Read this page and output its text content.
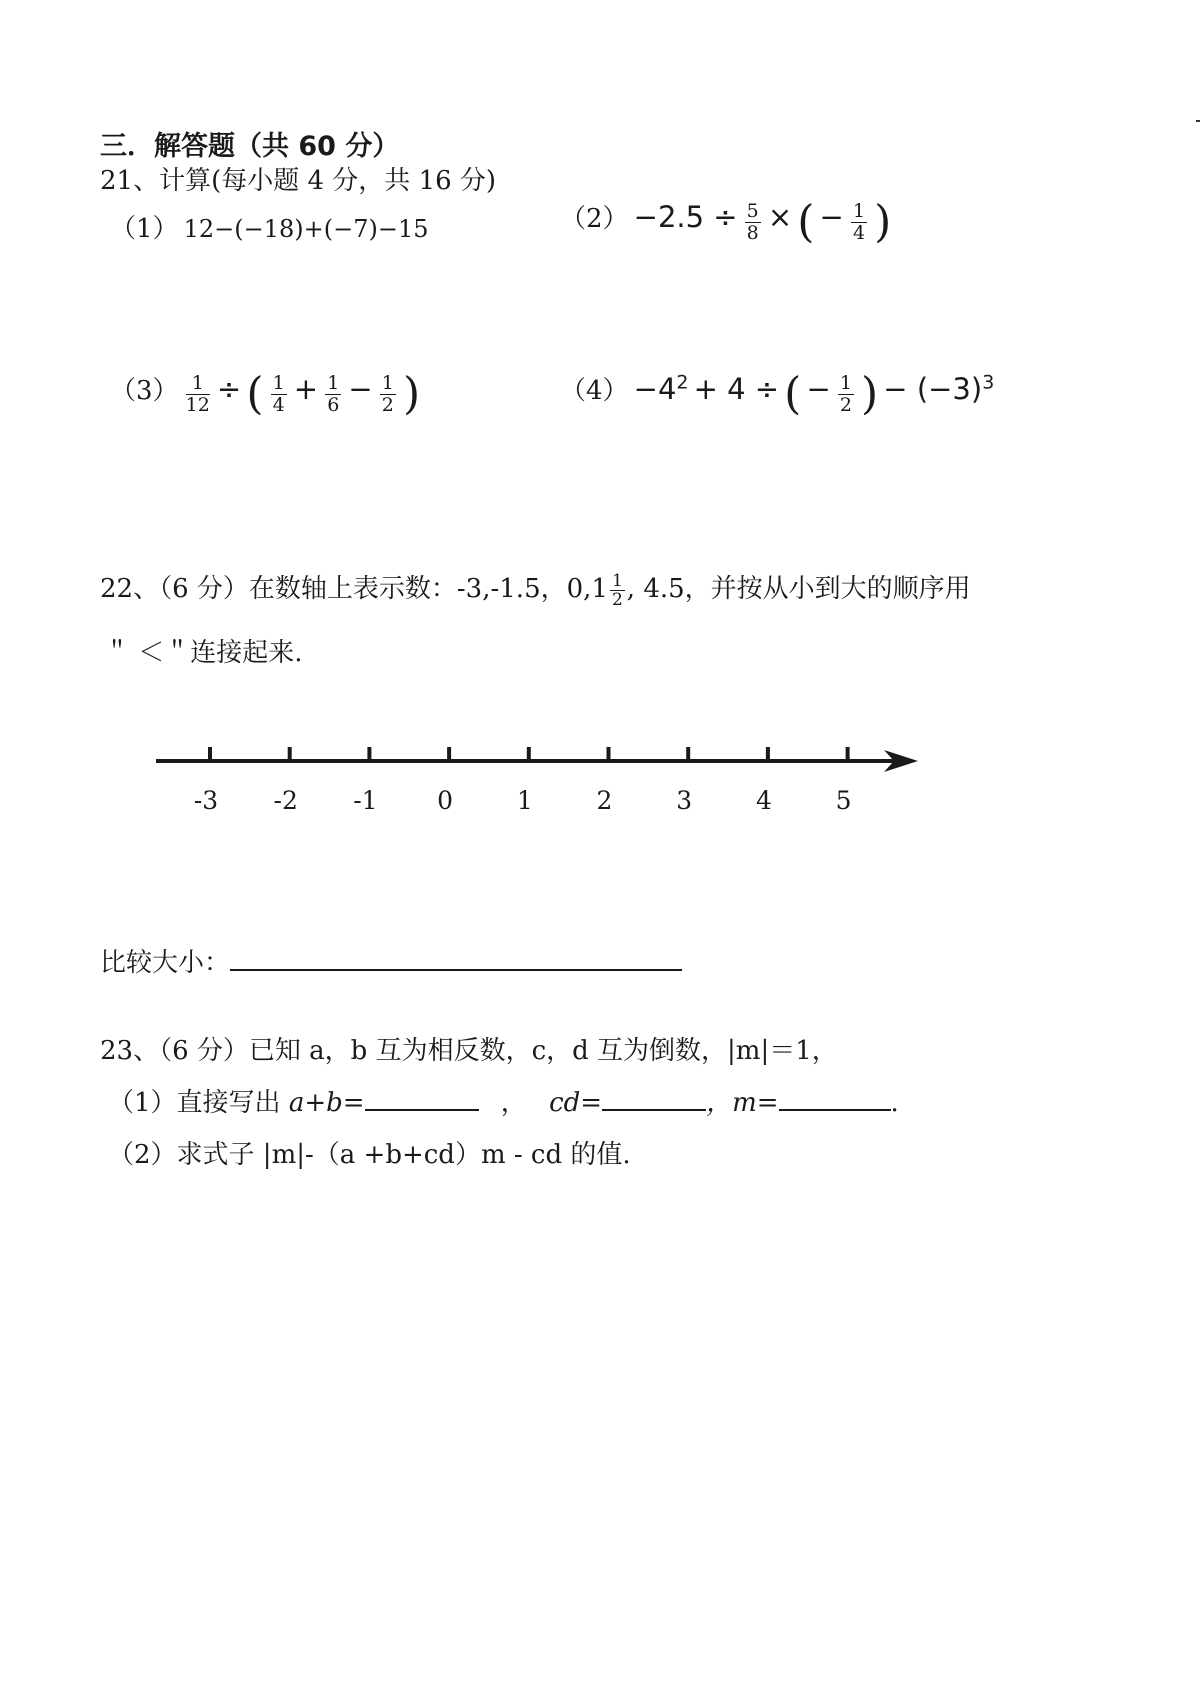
三．解答题（共 60 分）
21、计算(每小题 4 分，共 16 分)
（1） 12−(−18)+(−7)−15	$(2) -2.5 \div \frac{5}{8}$ × ( − $\frac{1}{4}$ )
$(3) \frac{1}{12}$ ÷ ( $\frac{1}{4} + \frac{1}{6} - \frac{1}{2}$ )	$(4) -4^2 + 4$ ÷ ( − $\frac{1}{2}$ ) − $(-3)^3$
22、（6 分）在数轴上表示数：-3,-1.5，$0,1 \frac{1}{2}$ , 4.5，并按从小到大的顺序用
＂ ＜＂连接起来.
-3 -2 -1 0	1	2	3	4	5
比较大小：
23、（6 分）已知 a，b 互为相反数，c，d 互为倒数，|m|＝1，
（1）直接写出 a+b=	， cd=	，m=	.
（2）求式子 |m|-（a +b+cd）m - cd 的值.
